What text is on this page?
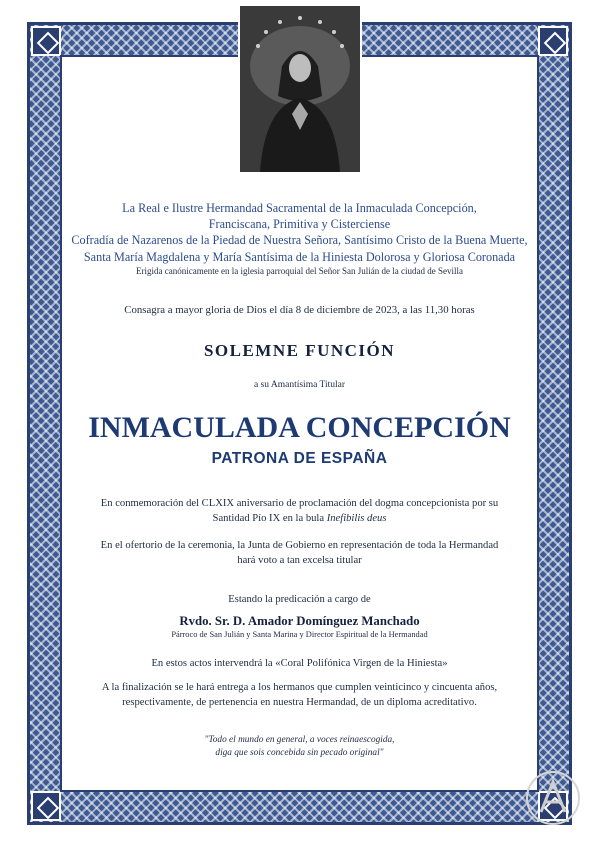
La Real e Ilustre Hermandad Sacramental de la Inmaculada Concepción,
Franciscana, Primitiva y Cisterciense
Cofradía de Nazarenos de la Piedad de Nuestra Señora, Santísimo Cristo de la Buena Muerte,
Santa María Magdalena y María Santísima de la Hiniesta Dolorosa y Gloriosa Coronada
Erigida canónicamente en la iglesia parroquial del Señor San Julián de la ciudad de Sevilla
Consagra a mayor gloria de Dios el día 8 de diciembre de 2023, a las 11,30 horas
SOLEMNE FUNCIÓN
a su Amantísima Titular
INMACULADA CONCEPCIÓN
PATRONA DE ESPAÑA
En conmemoración del CLXIX aniversario de proclamación del dogma concepcionista por su
Santidad Pío IX en la bula Inefibilis deus
En el ofertorio de la ceremonia, la Junta de Gobierno en representación de toda la Hermandad
hará voto a tan excelsa titular
Estando la predicación a cargo de
Rvdo. Sr. D. Amador Domínguez Manchado
Párroco de San Julián y Santa Marina y Director Espiritual de la Hermandad
En estos actos intervendrá la «Coral Polifónica Virgen de la Hiniesta»
A la finalización se le hará entrega a los hermanos que cumplen veinticinco y cincuenta años,
respectivamente, de pertenencia en nuestra Hermandad, de un diploma acreditativo.
"Todo el mundo en general, a voces reinaescogida,
diga que sois concebida sin pecado original"
